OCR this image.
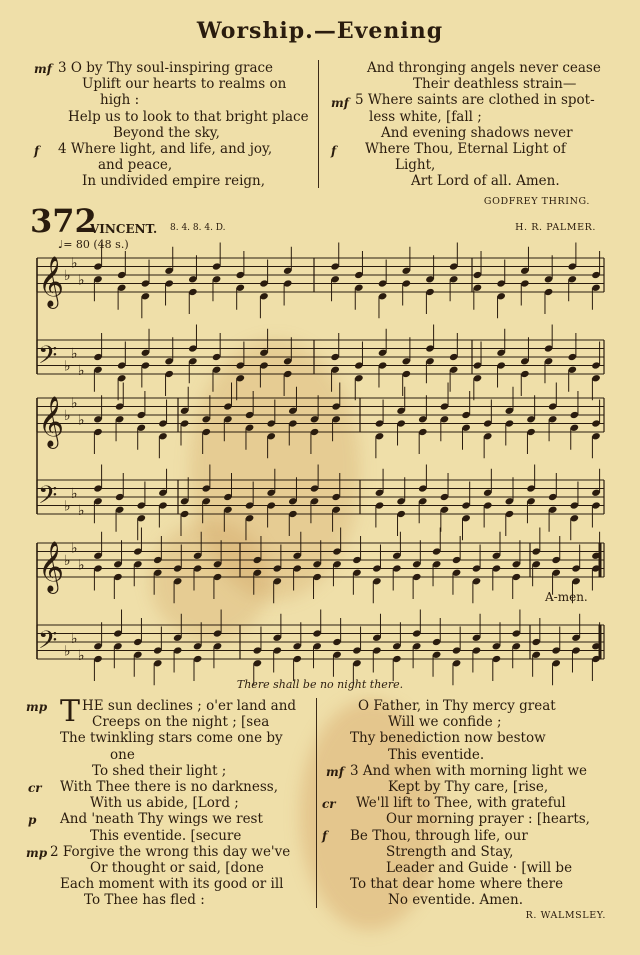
Worship.—Evening
mf
f
3 O by Thy soul-inspiring grace
Uplift our hearts to realms on
high :
Help us to look to that bright place
Beyond the sky,
4 Where light, and life, and joy,
and peace,
In undivided empire reign,
mf
f
And thronging angels never cease
Their deathless strain—
5 Where saints are clothed in spot-
less white, [fall ;
And evening shadows never
Where Thou, Eternal Light of
Light,
Art Lord of all. Amen.
GODFREY THRING.
372
VINCENT. 8. 4. 8. 4. D.	H. R. PALMER.
♩= 80 (48 s.)
𝄞 ♭
♭
♭
𝄢 ♭
♭
♭
𝄞 ♭
♭
♭
𝄢 ♭
♭
♭
𝄞 ♭
♭
♭
𝄢 ♭
♭
♭
A-men.
There shall be no night there.
mp
cr
p
mp
THE sun declines ; o'er land and
Creeps on the night ; [sea
The twinkling stars come one by
one
To shed their light ;
With Thee there is no darkness,
With us abide, [Lord ;
And 'neath Thy wings we rest
This eventide. [secure
2 Forgive the wrong this day we've
Or thought or said, [done
Each moment with its good or ill
To Thee has fled :
mf
cr
f
O Father, in Thy mercy great
Will we confide ;
Thy benediction now bestow
This eventide.
3 And when with morning light we
Kept by Thy care, [rise,
We'll lift to Thee, with grateful
Our morning prayer : [hearts,
Be Thou, through life, our
Strength and Stay,
Leader and Guide · [will be
To that dear home where there
No eventide. Amen.
R. WALMSLEY.
